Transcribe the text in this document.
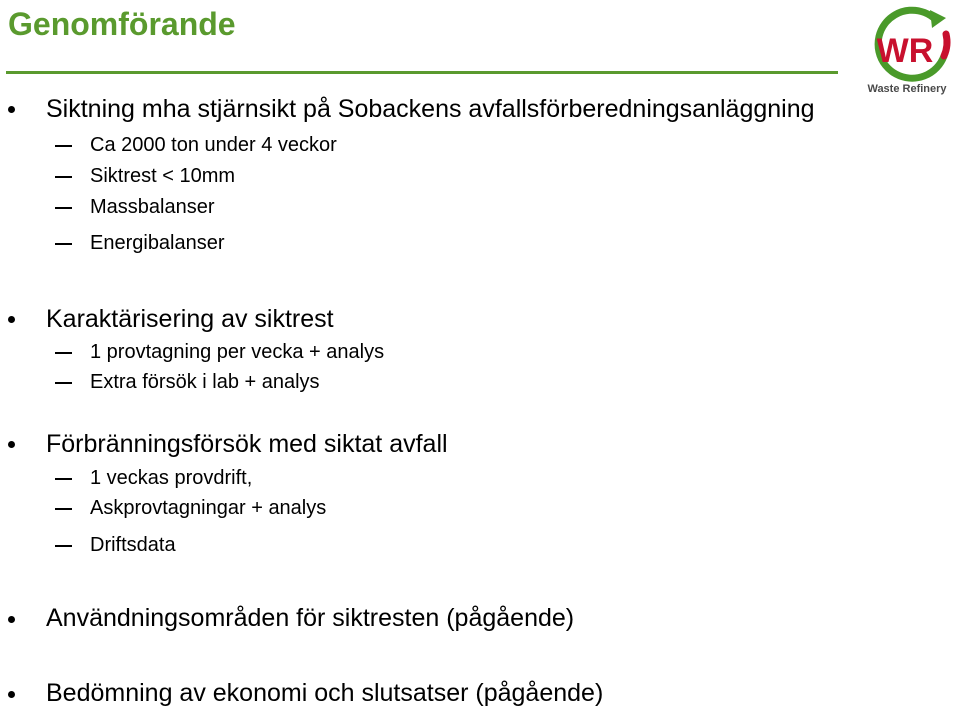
Genomförande
WR
Waste Refinery
Siktning mha stjärnsikt på Sobackens avfallsförberedningsanläggning
Ca 2000 ton under 4 veckor
Siktrest < 10mm
Massbalanser
Energibalanser
Karaktärisering av siktrest
1 provtagning per vecka + analys
Extra försök i lab + analys
Förbränningsförsök med siktat avfall
1 veckas provdrift,
Askprovtagningar + analys
Driftsdata
Användningsområden för siktresten (pågående)
Bedömning av ekonomi och slutsatser (pågående)
